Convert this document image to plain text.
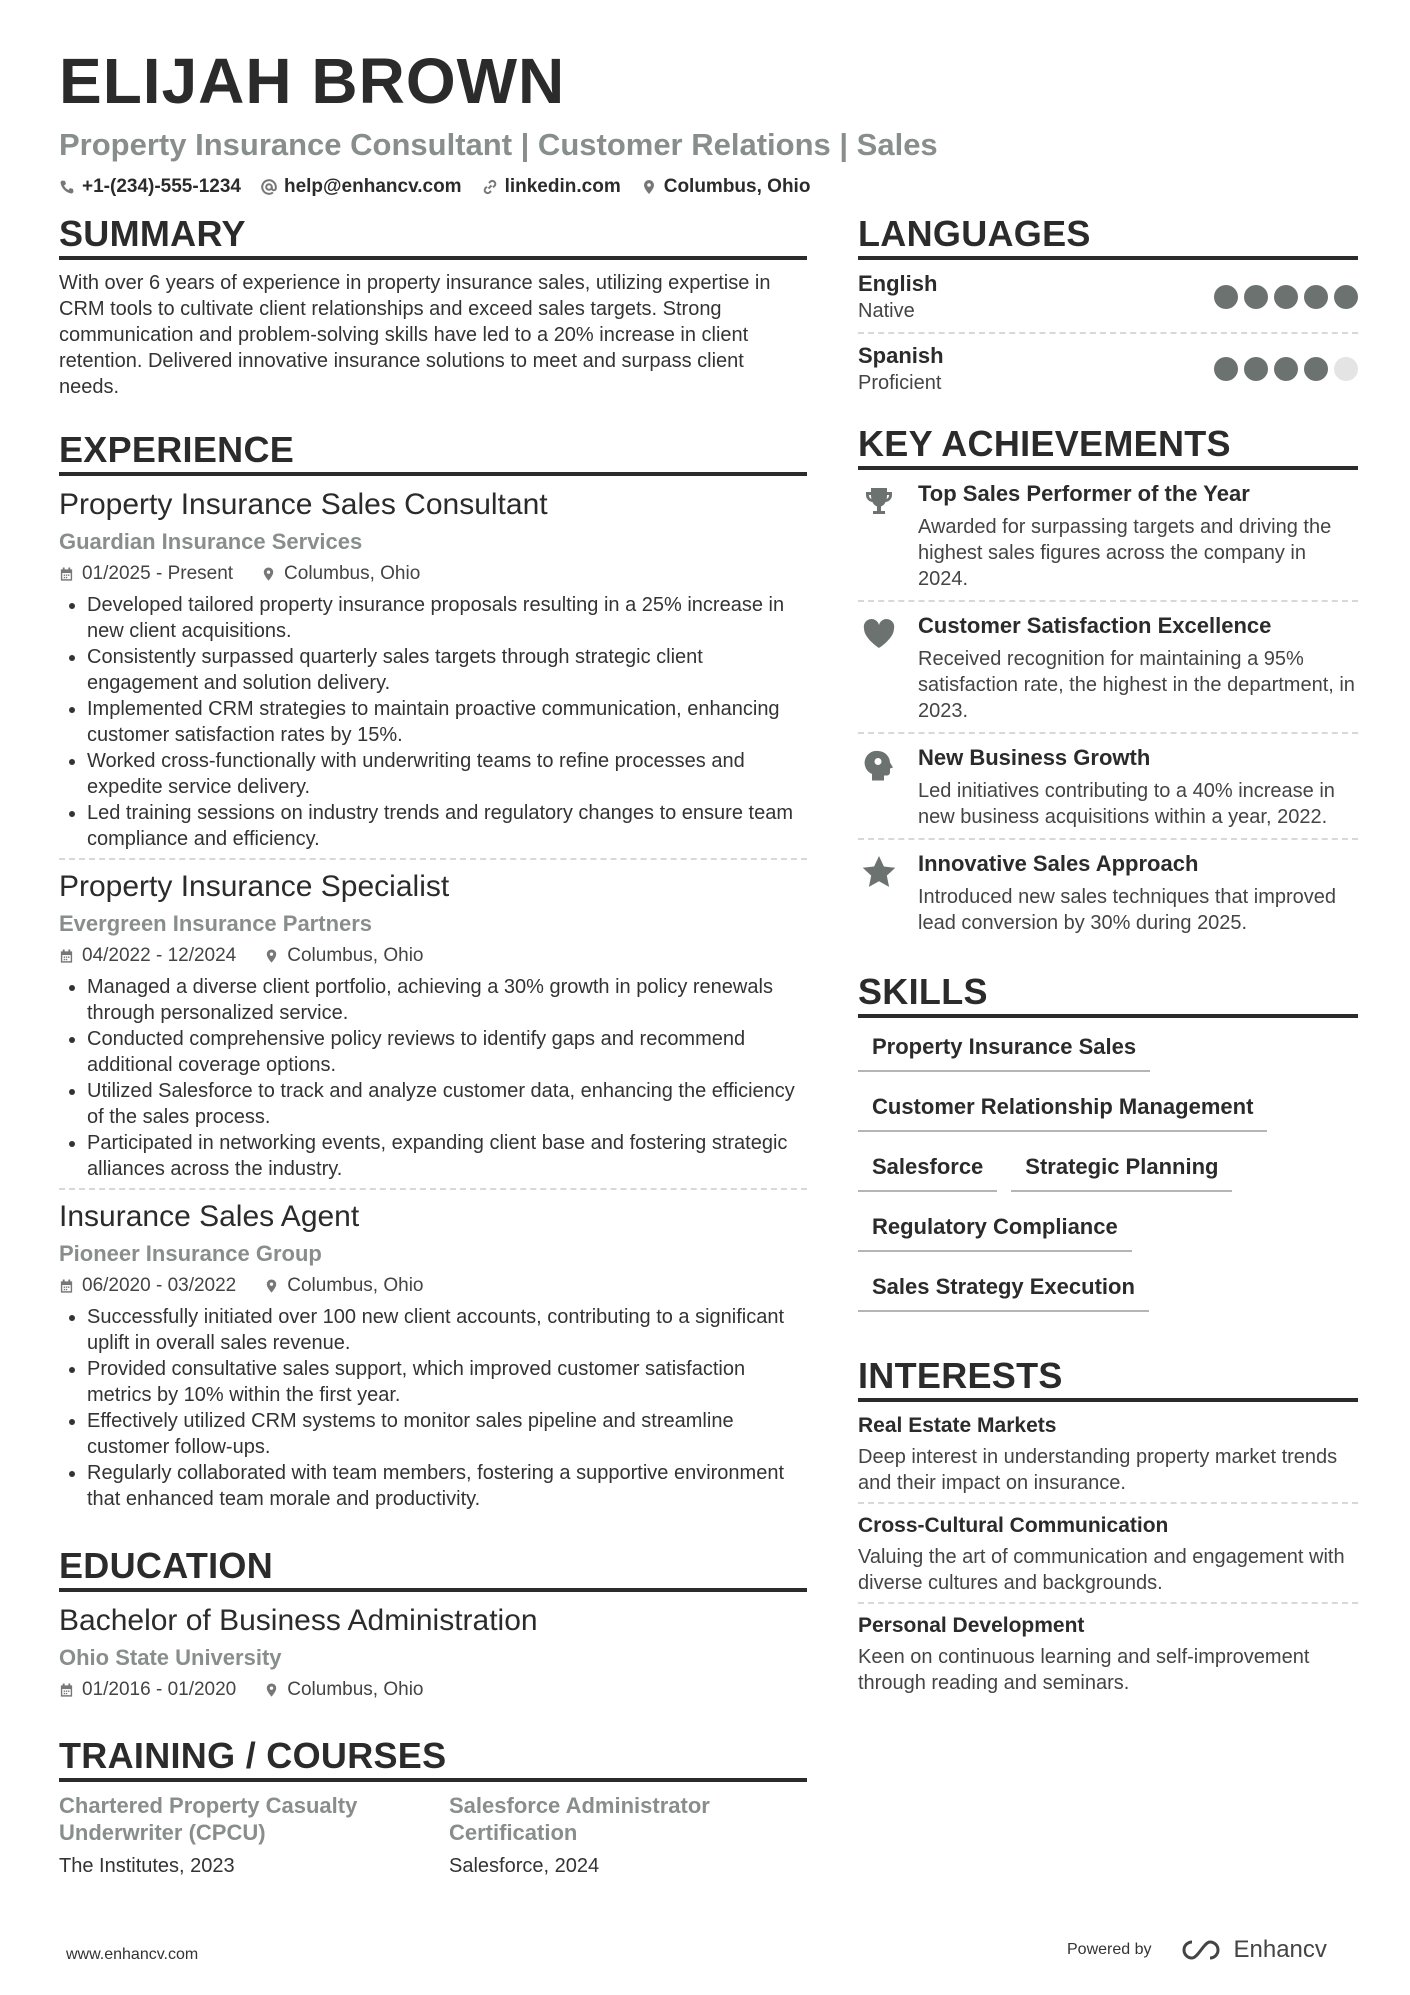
ELIJAH BROWN
Property Insurance Consultant | Customer Relations | Sales
+1-(234)-555-1234 help@enhancv.com linkedin.com Columbus, Ohio
SUMMARY

With over 6 years of experience in property insurance sales, utilizing expertise in CRM tools to cultivate client relationships and exceed sales targets. Strong communication and problem-solving skills have led to a 20% increase in client retention. Delivered innovative insurance solutions to meet and surpass client needs.

EXPERIENCE
Property Insurance Sales Consultant
Guardian Insurance Services
01/2025 - Present	Columbus, Ohio
• Developed tailored property insurance proposals resulting in a 25% increase in new client acquisitions.
• Consistently surpassed quarterly sales targets through strategic client engagement and solution delivery.
• Implemented CRM strategies to maintain proactive communication, enhancing customer satisfaction rates by 15%.
• Worked cross-functionally with underwriting teams to refine processes and expedite service delivery.
• Led training sessions on industry trends and regulatory changes to ensure team compliance and efficiency.
Property Insurance Specialist
Evergreen Insurance Partners
04/2022 - 12/2024	Columbus, Ohio
• Managed a diverse client portfolio, achieving a 30% growth in policy renewals through personalized service.
• Conducted comprehensive policy reviews to identify gaps and recommend additional coverage options.
• Utilized Salesforce to track and analyze customer data, enhancing the efficiency of the sales process.
• Participated in networking events, expanding client base and fostering strategic alliances across the industry.
Insurance Sales Agent
Pioneer Insurance Group
06/2020 - 03/2022	Columbus, Ohio
• Successfully initiated over 100 new client accounts, contributing to a significant uplift in overall sales revenue.
• Provided consultative sales support, which improved customer satisfaction metrics by 10% within the first year.
• Effectively utilized CRM systems to monitor sales pipeline and streamline customer follow-ups.
• Regularly collaborated with team members, fostering a supportive environment that enhanced team morale and productivity.
EDUCATION
Bachelor of Business Administration
Ohio State University
01/2016 - 01/2020	Columbus, Ohio
TRAINING / COURSES
Chartered Property Casualty Underwriter (CPCU)
The Institutes, 2023
Salesforce Administrator Certification
Salesforce, 2024
LANGUAGES
English
Native
Spanish
Proficient
KEY ACHIEVEMENTS
Top Sales Performer of the Year
Awarded for surpassing targets and driving the highest sales figures across the company in 2024.
Customer Satisfaction Excellence
Received recognition for maintaining a 95% satisfaction rate, the highest in the department, in 2023.
New Business Growth
Led initiatives contributing to a 40% increase in new business acquisitions within a year, 2022.
Innovative Sales Approach
Introduced new sales techniques that improved lead conversion by 30% during 2025.
SKILLS
Property Insurance Sales
Customer Relationship Management
Salesforce	Strategic Planning
Regulatory Compliance
Sales Strategy Execution
INTERESTS
Real Estate Markets
Deep interest in understanding property market trends and their impact on insurance.
Cross-Cultural Communication
Valuing the art of communication and engagement with diverse cultures and backgrounds.
Personal Development
Keen on continuous learning and self-improvement through reading and seminars.
www.enhancv.com	Powered by	Enhancv
